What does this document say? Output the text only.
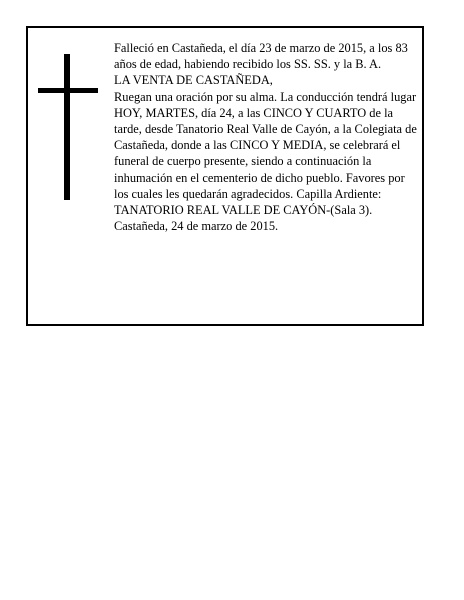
Falleció en Castañeda, el día 23 de marzo de 2015, a los 83 años de edad, habiendo recibido los SS. SS. y la B. A.

LA VENTA DE CASTAÑEDA,

Ruegan una oración por su alma. La conducción tendrá lugar HOY, MARTES, día 24, a las CINCO Y CUARTO de la tarde, desde Tanatorio Real Valle de Cayón, a la Colegiata de Castañeda, donde a las CINCO Y MEDIA, se celebrará el funeral de cuerpo presente, siendo a continuación la inhumación en el cementerio de dicho pueblo. Favores por los cuales les quedarán agradecidos. Capilla Ardiente: TANATORIO REAL VALLE DE CAYÓN-(Sala 3).

Castañeda, 24 de marzo de 2015.
